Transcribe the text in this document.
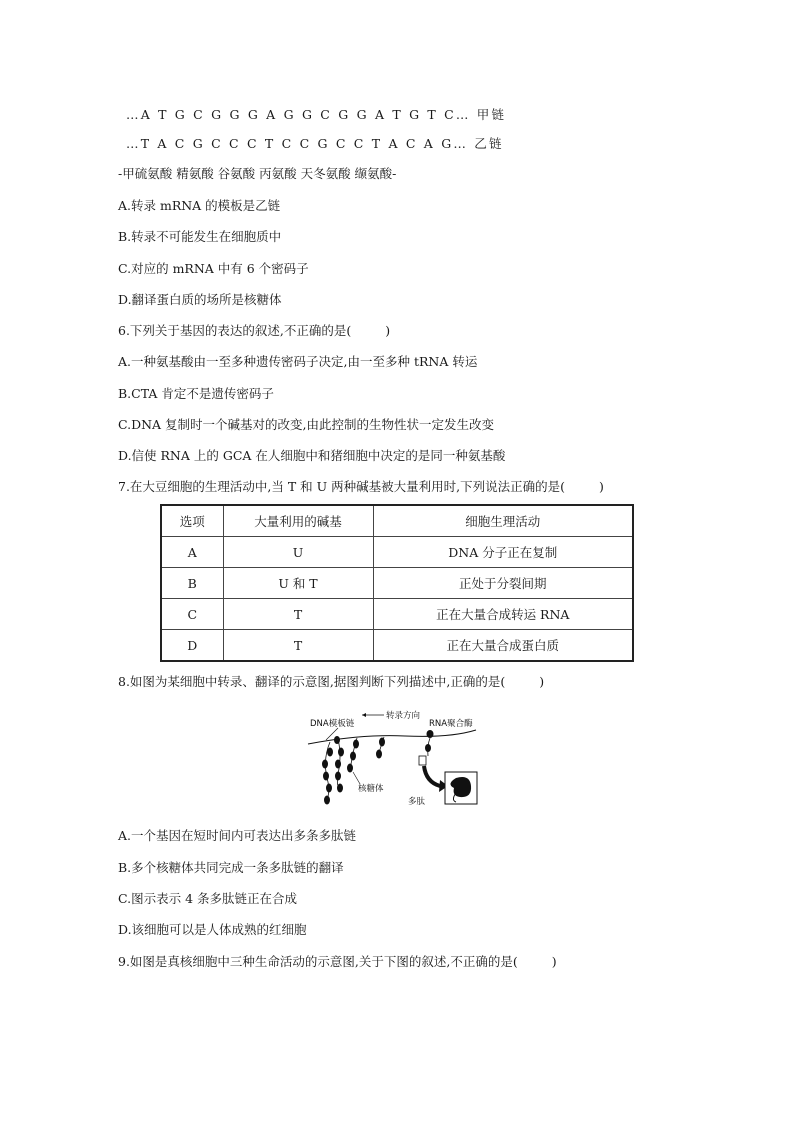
…A T G C G G G A G G C G G A T G T C… 甲链
…T A C G C C C T C C G C C T A C A G… 乙链
-甲硫氨酸 精氨酸 谷氨酸 丙氨酸 天冬氨酸 缬氨酸-
A.转录 mRNA 的模板是乙链
B.转录不可能发生在细胞质中
C.对应的 mRNA 中有 6 个密码子
D.翻译蛋白质的场所是核糖体
6.下列关于基因的表达的叙述,不正确的是(	)
A.一种氨基酸由一至多种遗传密码子决定,由一至多种 tRNA 转运
B.CTA 肯定不是遗传密码子
C.DNA 复制时一个碱基对的改变,由此控制的生物性状一定发生改变
D.信使 RNA 上的 GCA 在人细胞中和猪细胞中决定的是同一种氨基酸
7.在大豆细胞的生理活动中,当 T 和 U 两种碱基被大量利用时,下列说法正确的是(	)
选项	大量利用的碱基	细胞生理活动
A	U	DNA 分子正在复制
B	U 和 T	正处于分裂间期
C	T	正在大量合成转运 RNA
D	T	正在大量合成蛋白质
8.如图为某细胞中转录、翻译的示意图,据图判断下列描述中,正确的是(	)
DNA模板链
转录方向
RNA聚合酶
核糖体
多肽
A.一个基因在短时间内可表达出多条多肽链
B.多个核糖体共同完成一条多肽链的翻译
C.图示表示 4 条多肽链正在合成
D.该细胞可以是人体成熟的红细胞
9.如图是真核细胞中三种生命活动的示意图,关于下图的叙述,不正确的是(	)
